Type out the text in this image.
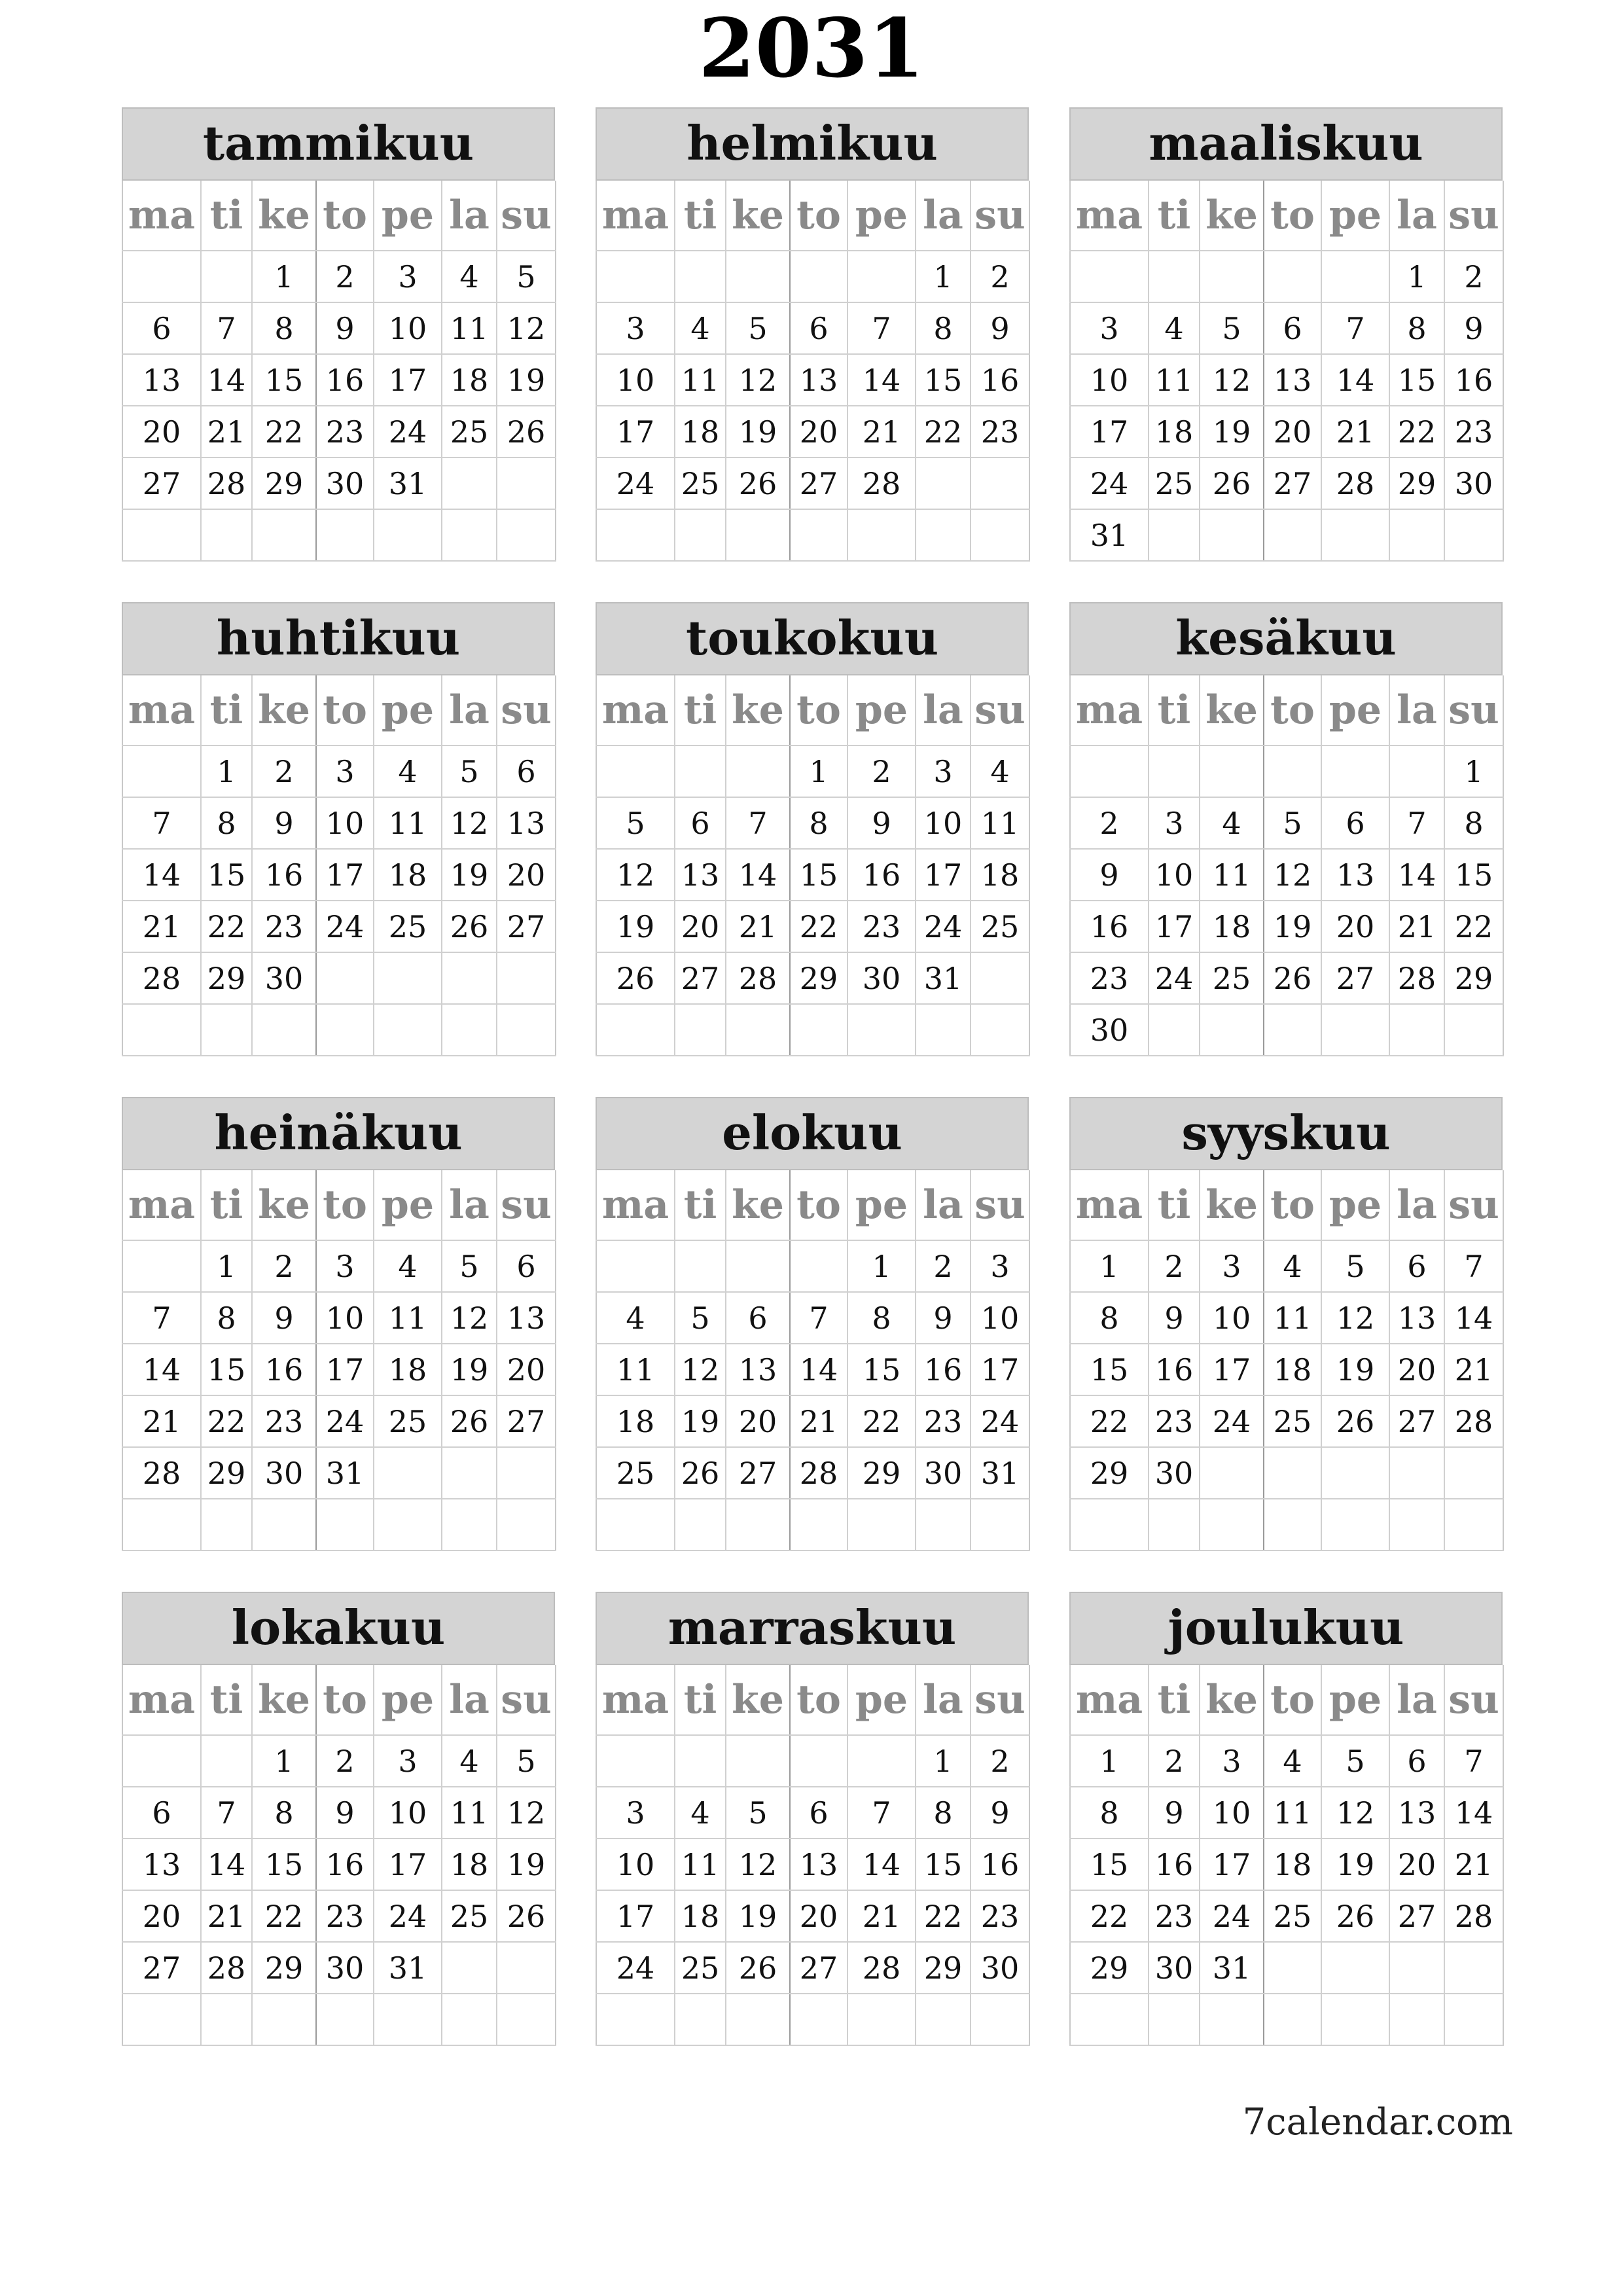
2031
tammikuu
ma	ti	ke	to	pe	la	su
		1	2	3	4	5
6	7	8	9	10	11	12
13	14	15	16	17	18	19
20	21	22	23	24	25	26
27	28	29	30	31		

helmikuu
ma	ti	ke	to	pe	la	su
					1	2
3	4	5	6	7	8	9
10	11	12	13	14	15	16
17	18	19	20	21	22	23
24	25	26	27	28		

maaliskuu
ma	ti	ke	to	pe	la	su
					1	2
3	4	5	6	7	8	9
10	11	12	13	14	15	16
17	18	19	20	21	22	23
24	25	26	27	28	29	30
31						
huhtikuu
ma	ti	ke	to	pe	la	su
	1	2	3	4	5	6
7	8	9	10	11	12	13
14	15	16	17	18	19	20
21	22	23	24	25	26	27
28	29	30				

toukokuu
ma	ti	ke	to	pe	la	su
			1	2	3	4
5	6	7	8	9	10	11
12	13	14	15	16	17	18
19	20	21	22	23	24	25
26	27	28	29	30	31	

kesäkuu
ma	ti	ke	to	pe	la	su
						1
2	3	4	5	6	7	8
9	10	11	12	13	14	15
16	17	18	19	20	21	22
23	24	25	26	27	28	29
30						
heinäkuu
ma	ti	ke	to	pe	la	su
	1	2	3	4	5	6
7	8	9	10	11	12	13
14	15	16	17	18	19	20
21	22	23	24	25	26	27
28	29	30	31			

elokuu
ma	ti	ke	to	pe	la	su
				1	2	3
4	5	6	7	8	9	10
11	12	13	14	15	16	17
18	19	20	21	22	23	24
25	26	27	28	29	30	31

syyskuu
ma	ti	ke	to	pe	la	su
1	2	3	4	5	6	7
8	9	10	11	12	13	14
15	16	17	18	19	20	21
22	23	24	25	26	27	28
29	30					

lokakuu
ma	ti	ke	to	pe	la	su
		1	2	3	4	5
6	7	8	9	10	11	12
13	14	15	16	17	18	19
20	21	22	23	24	25	26
27	28	29	30	31		

marraskuu
ma	ti	ke	to	pe	la	su
					1	2
3	4	5	6	7	8	9
10	11	12	13	14	15	16
17	18	19	20	21	22	23
24	25	26	27	28	29	30

joulukuu
ma	ti	ke	to	pe	la	su
1	2	3	4	5	6	7
8	9	10	11	12	13	14
15	16	17	18	19	20	21
22	23	24	25	26	27	28
29	30	31				

7calendar.com
